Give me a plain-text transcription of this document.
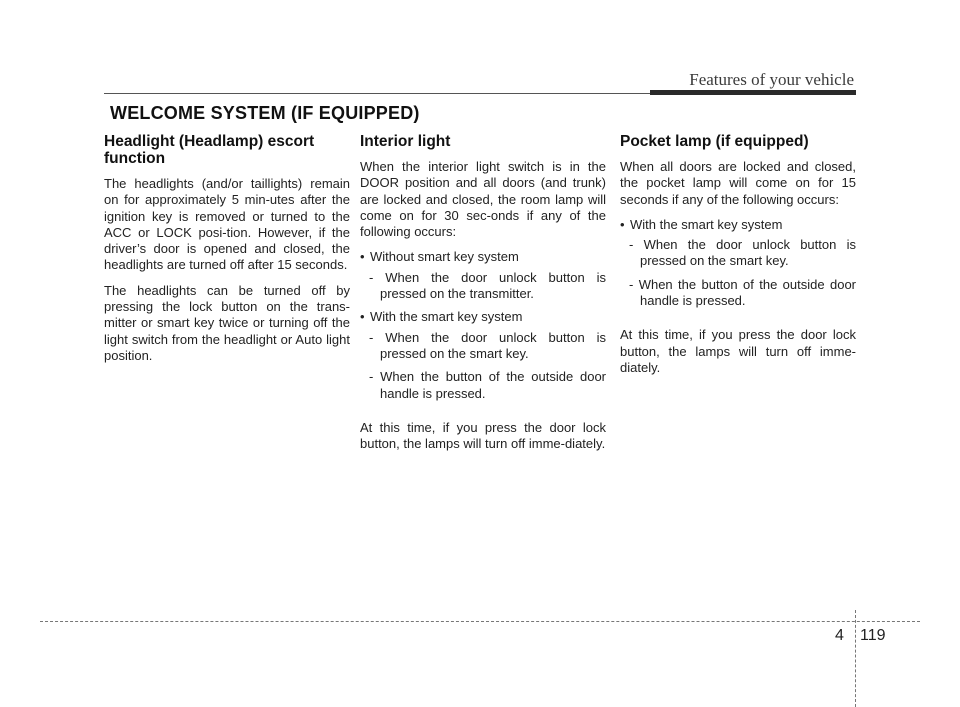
Features of your vehicle
WELCOME SYSTEM (IF EQUIPPED)
Headlight (Headlamp) escort function

The headlights (and/or taillights) remain on for approximately 5 min-utes after the ignition key is removed or turned to the ACC or LOCK posi-tion. However, if the driver’s door is opened and closed, the headlights are turned off after 15 seconds.

The headlights can be turned off by pressing the lock button on the trans-mitter or smart key twice or turning off the light switch from the headlight or Auto light position.

Interior light

When the interior light switch is in the DOOR position and all doors (and trunk) are locked and closed, the room lamp will come on for 30 sec-onds if any of the following occurs:

• Without smart key system
- When the door unlock button is pressed on the transmitter.
• With the smart key system
- When the door unlock button is pressed on the smart key.
- When the button of the outside door handle is pressed.

At this time, if you press the door lock button, the lamps will turn off imme-diately.

Pocket lamp (if equipped)

When all doors are locked and closed, the pocket lamp will come on for 15 seconds if any of the following occurs:

• With the smart key system
- When the door unlock button is pressed on the smart key.
- When the button of the outside door handle is pressed.

At this time, if you press the door lock button, the lamps will turn off imme-diately.

4 119
